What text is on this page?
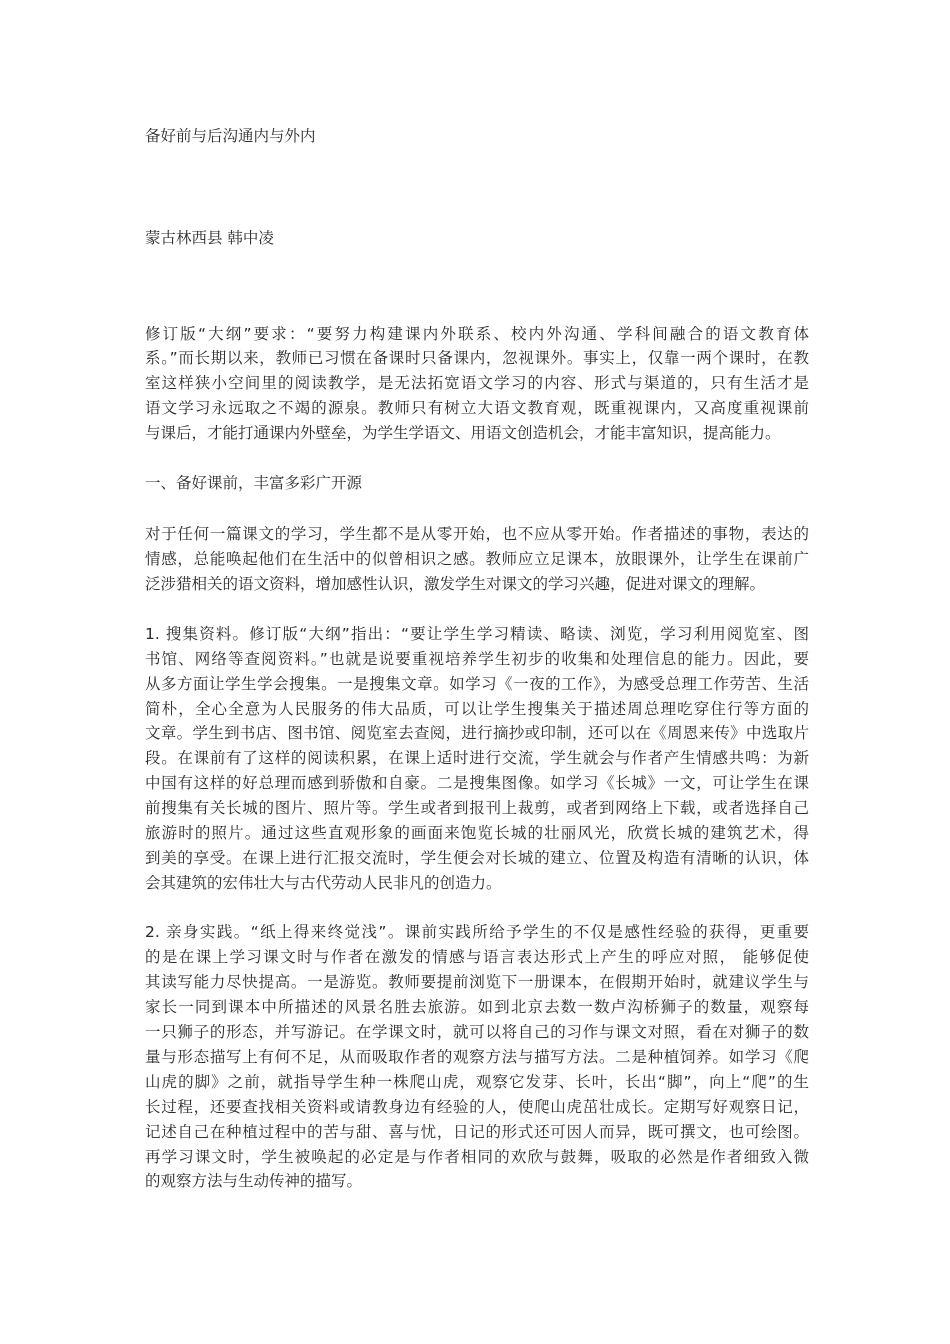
备好前与后沟通内与外内

蒙古林西县 韩中凌

修订版“大纲”要求：“要努力构建课内外联系、校内外沟通、学科间融合的语文教育体

系。”而长期以来，教师已习惯在备课时只备课内，忽视课外。事实上，仅靠一两个课时，在教

室这样狭小空间里的阅读教学，是无法拓宽语文学习的内容、形式与渠道的，只有生活才是

语文学习永远取之不竭的源泉。教师只有树立大语文教育观，既重视课内，又高度重视课前

与课后，才能打通课内外壁垒，为学生学语文、用语文创造机会，才能丰富知识，提高能力。

一、备好课前，丰富多彩广开源

对于任何一篇课文的学习，学生都不是从零开始，也不应从零开始。作者描述的事物，表达的

情感，总能唤起他们在生活中的似曾相识之感。教师应立足课本，放眼课外，让学生在课前广

泛涉猎相关的语文资料，增加感性认识，激发学生对课文的学习兴趣，促进对课文的理解。

1. 搜集资料。修订版“大纲”指出：“要让学生学习精读、略读、浏览，学习利用阅览室、图

书馆、网络等查阅资料。”也就是说要重视培养学生初步的收集和处理信息的能力。因此，要

从多方面让学生学会搜集。一是搜集文章。如学习《一夜的工作》，为感受总理工作劳苦、生活

简朴，全心全意为人民服务的伟大品质，可以让学生搜集关于描述周总理吃穿住行等方面的

文章。学生到书店、图书馆、阅览室去查阅，进行摘抄或印制，还可以在《周恩来传》中选取片

段。在课前有了这样的阅读积累，在课上适时进行交流，学生就会与作者产生情感共鸣：为新

中国有这样的好总理而感到骄傲和自豪。二是搜集图像。如学习《长城》一文，可让学生在课

前搜集有关长城的图片、照片等。学生或者到报刊上裁剪，或者到网络上下载，或者选择自己

旅游时的照片。通过这些直观形象的画面来饱览长城的壮丽风光，欣赏长城的建筑艺术，得

到美的享受。在课上进行汇报交流时，学生便会对长城的建立、位置及构造有清晰的认识，体

会其建筑的宏伟壮大与古代劳动人民非凡的创造力。

2. 亲身实践。“纸上得来终觉浅”。课前实践所给予学生的不仅是感性经验的获得，更重要

的是在课上学习课文时与作者在激发的情感与语言表达形式上产生的呼应对照， 能够促使

其读写能力尽快提高。一是游览。教师要提前浏览下一册课本，在假期开始时，就建议学生与

家长一同到课本中所描述的风景名胜去旅游。如到北京去数一数卢沟桥狮子的数量，观察每

一只狮子的形态，并写游记。在学课文时，就可以将自己的习作与课文对照，看在对狮子的数

量与形态描写上有何不足，从而吸取作者的观察方法与描写方法。二是种植饲养。如学习《爬

山虎的脚》之前，就指导学生种一株爬山虎，观察它发芽、长叶，长出“脚”，向上“爬”的生

长过程，还要查找相关资料或请教身边有经验的人，使爬山虎茁壮成长。定期写好观察日记，

记述自己在种植过程中的苦与甜、喜与忧，日记的形式还可因人而异，既可撰文，也可绘图。

再学习课文时，学生被唤起的必定是与作者相同的欢欣与鼓舞，吸取的必然是作者细致入微

的观察方法与生动传神的描写。
